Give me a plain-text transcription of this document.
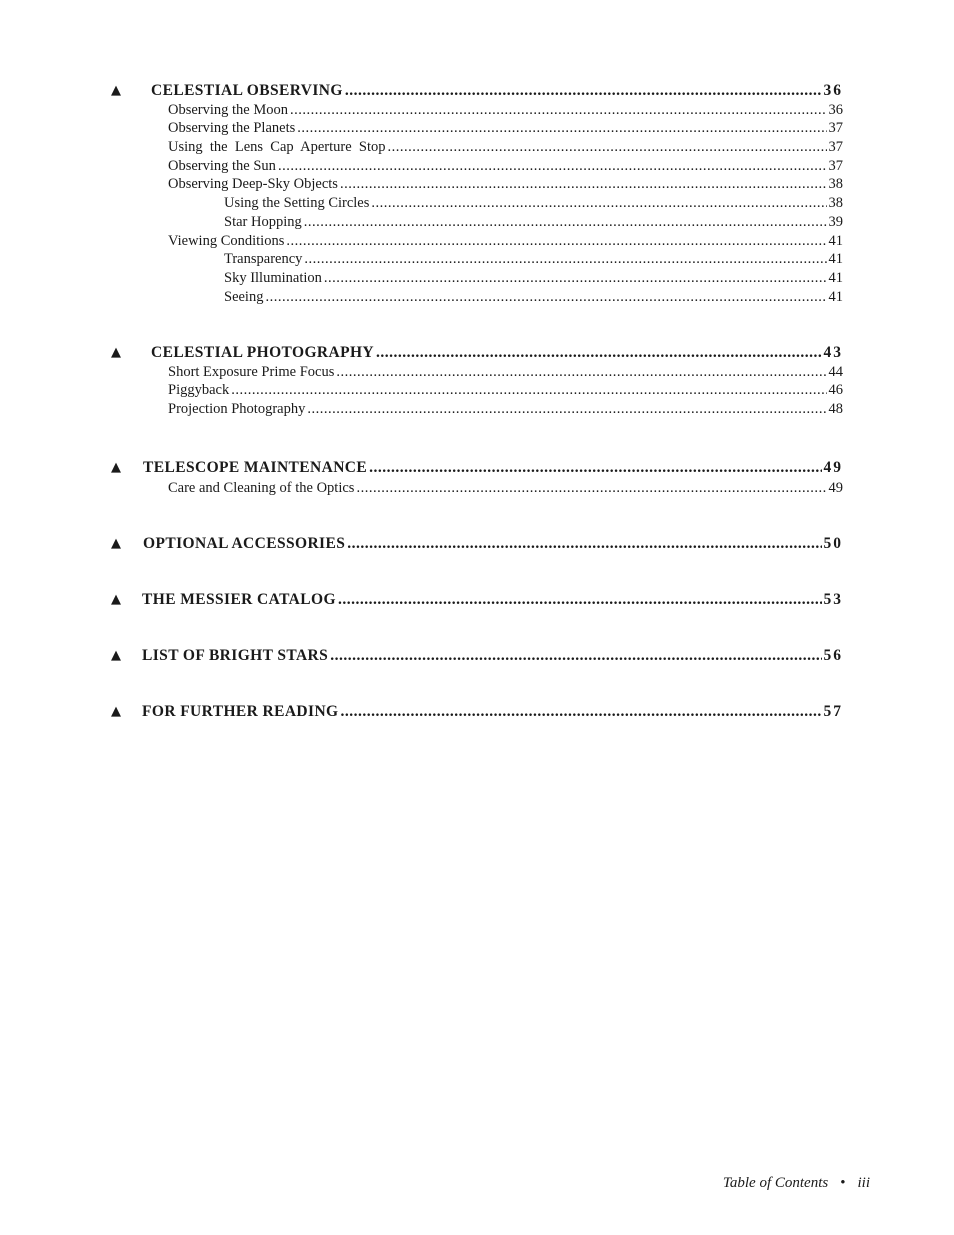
▲ CELESTIAL OBSERVING .....	36
Observing the Moon .....	36
Observing the Planets .....	37
Using  the  Lens  Cap  Aperture  Stop .....	37
Observing the Sun .....	37
Observing Deep-Sky Objects .....	38
Using the Setting Circles .....	38
Star Hopping .....	39
Viewing Conditions .....	41
Transparency .....	41
Sky Illumination .....	41
Seeing .....	41
▲ CELESTIAL PHOTOGRAPHY .....	43
Short Exposure Prime Focus .....	44
Piggyback .....	46
Projection Photography .....	48
▲ TELESCOPE MAINTENANCE .....	49
Care and Cleaning of the Optics .....	49
▲ OPTIONAL ACCESSORIES .....	50
▲ THE MESSIER CATALOG .....	53
▲ LIST OF BRIGHT STARS .....	56
▲ FOR FURTHER READING .....	57
Table of Contents • iii
